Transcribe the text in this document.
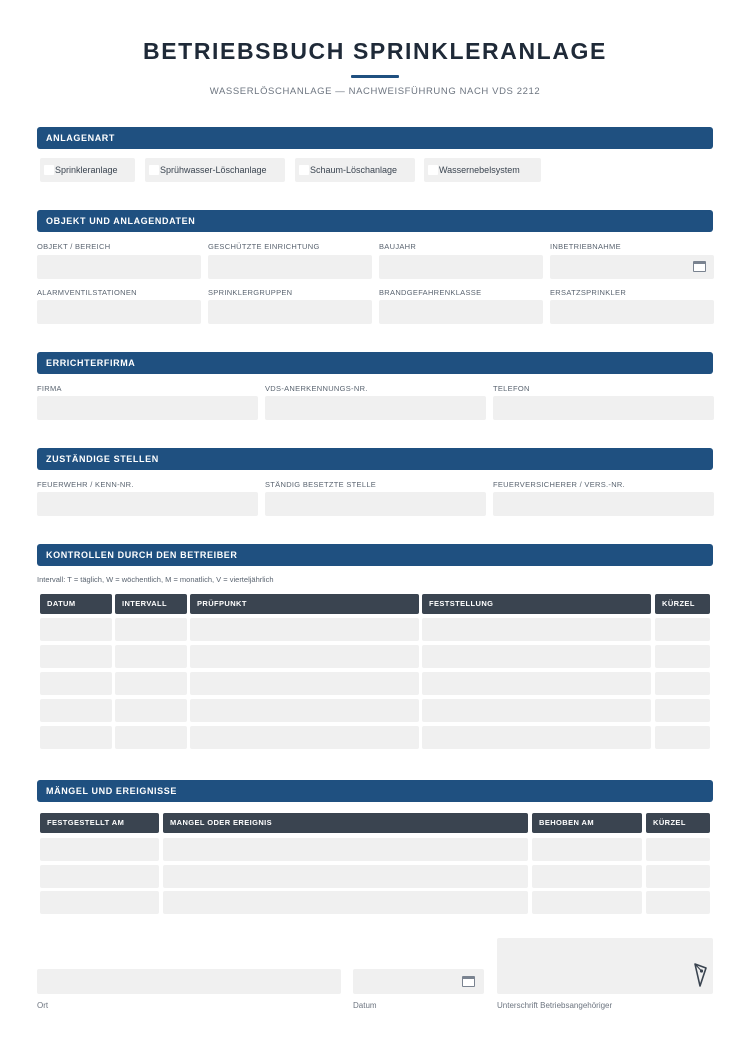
BETRIEBSBUCH SPRINKLERANLAGE
WASSERLÖSCHANLAGE — NACHWEISFÜHRUNG NACH VDS 2212
ANLAGENART
Sprinkleranlage	Sprühwasser-Löschanlage	Schaum-Löschanlage	Wassernebelsystem
OBJEKT UND ANLAGENDATEN
OBJEKT / BEREICH	GESCHÜTZTE EINRICHTUNG	BAUJAHR	INBETRIEBNAHME
ALARMVENTILSTATIONEN	SPRINKLERGRUPPEN	BRANDGEFAHRENKLASSE	ERSATZSPRINKLER
ERRICHTERFIRMA
FIRMA	VDS-ANERKENNUNGS-NR.	TELEFON
ZUSTÄNDIGE STELLEN
FEUERWEHR / KENN-NR.	STÄNDIG BESETZTE STELLE	FEUERVERSICHERER / VERS.-NR.
KONTROLLEN DURCH DEN BETREIBER
Intervall: T = täglich, W = wöchentlich, M = monatlich, V = vierteljährlich
DATUM	INTERVALL	PRÜFPUNKT	FESTSTELLUNG	KÜRZEL
MÄNGEL UND EREIGNISSE
FESTGESTELLT AM	MANGEL ODER EREIGNIS	BEHOBEN AM	KÜRZEL
Ort	Datum	Unterschrift Betriebsangehöriger
